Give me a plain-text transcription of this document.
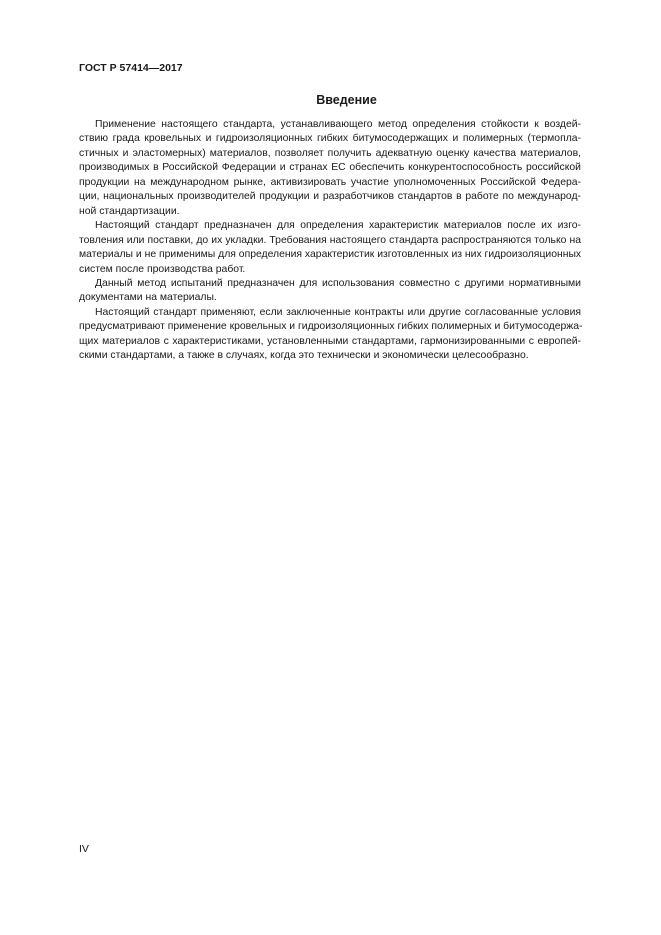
ГОСТ Р 57414—2017
Введение
Применение настоящего стандарта, устанавливающего метод определения стойкости к воздей-
ствию града кровельных и гидроизоляционных гибких битумосодержащих и полимерных (термопла-
стичных и эластомерных) материалов, позволяет получить адекватную оценку качества материалов,
производимых в Российской Федерации и странах ЕС обеспечить конкурентоспособность российской
продукции на международном рынке, активизировать участие уполномоченных Российской Федера-
ции, национальных производителей продукции и разработчиков стандартов в работе по международ-
ной стандартизации.
Настоящий стандарт предназначен для определения характеристик материалов после их изго-
товления или поставки, до их укладки. Требования настоящего стандарта распространяются только на
материалы и не применимы для определения характеристик изготовленных из них гидроизоляционных
систем после производства работ.
Данный метод испытаний предназначен для использования совместно с другими нормативными
документами на материалы.
Настоящий стандарт применяют, если заключенные контракты или другие согласованные условия
предусматривают применение кровельных и гидроизоляционных гибких полимерных и битумосодержа-
щих материалов с характеристиками, установленными стандартами, гармонизированными с европей-
скими стандартами, а также в случаях, когда это технически и экономически целесообразно.
IV
